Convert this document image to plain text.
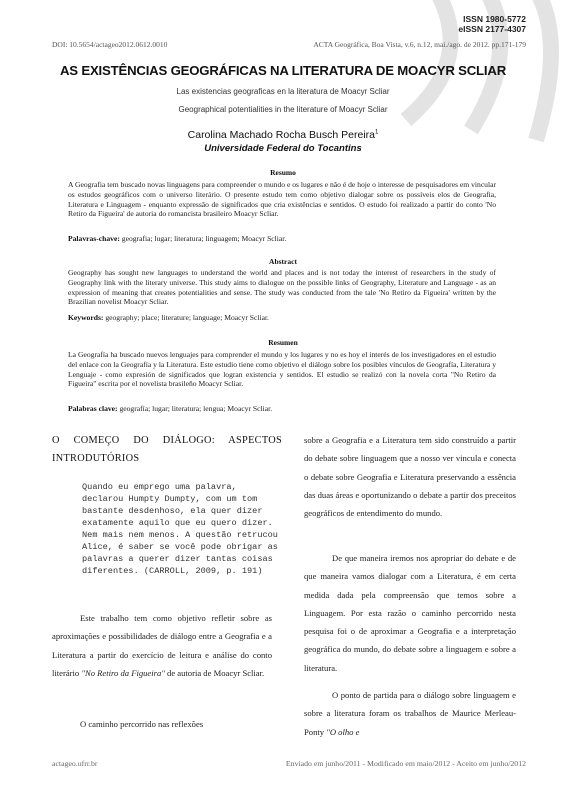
ISSN 1980-5772
eISSN 2177-4307
DOI: 10.5654/actageo2012.0612.0010	ACTA Geográfica, Boa Vista, v.6, n.12, mai./ago. de 2012. pp.171-179
AS EXISTÊNCIAS GEOGRÁFICAS NA LITERATURA DE MOACYR SCLIAR
Las existencias geograficas en la literatura de Moacyr Scliar
Geographical potentialities in the literature of Moacyr Scliar
Carolina Machado Rocha Busch Pereira$^1$
Universidade Federal do Tocantins
Resumo

A Geografia tem buscado novas linguagens para compreender o mundo e os lugares e não é de hoje o interesse de pesquisadores em vincular os estudos geográficos com o universo literário. O presente estudo tem como objetivo dialogar sobre os possíveis elos de Geografia, Literatura e Linguagem - enquanto expressão de significados que cria existências e sentidos. O estudo foi realizado a partir do conto 'No Retiro da Figueira' de autoria do romancista brasileiro Moacyr Scliar.

Palavras-chave: geografia; lugar; literatura; linguagem; Moacyr Scliar.
Abstract

Geography has sought new languages to understand the world and places and is not today the interest of researchers in the study of Geography link with the literary universe. This study aims to dialogue on the possible links of Geography, Literature and Language - as an expression of meaning that creates potentialities and sense. The study was conducted from the tale 'No Retiro da Figueira' written by the Brazilian novelist Moacyr Scliar.

Keywords: geography; place; literature; language; Moacyr Scliar.
Resumen

La Geografía ha buscado nuevos lenguajes para comprender el mundo y los lugares y no es hoy el interés de los investigadores en el estudio del enlace con la Geografía y la Literatura. Este estudio tiene como objetivo el diálogo sobre los posibles vínculos de Geografía, Literatura y Lenguaje - como expresión de significados que logran existencia y sentidos. El estudio se realizó con la novela corta "No Retiro da Figueira" escrita por el novelista brasileño Moacyr Scliar.

Palabras clave: geografía; lugar; literatura; lengua; Moacyr Scliar.
O COMEÇO DO DIÁLOGO: ASPECTOS INTRODUTÓRIOS

Quando eu emprego uma palavra, declarou Humpty Dumpty, com um tom bastante desdenhoso, ela quer dizer exatamente aquilo que eu quero dizer. Nem mais nem menos. A questão retrucou Alice, é saber se você pode obrigar as palavras a querer dizer tantas coisas diferentes. (CARROLL, 2009, p. 191)

Este trabalho tem como objetivo refletir sobre as aproximações e possibilidades de diálogo entre a Geografia e a Literatura a partir do exercício de leitura e análise do conto literário "No Retiro da Figueira" de autoria de Moacyr Scliar.

O caminho percorrido nas reflexões

sobre a Geografia e a Literatura tem sido construído a partir do debate sobre linguagem que a nosso ver vincula e conecta o debate sobre Geografia e Literatura preservando a essência das duas áreas e oportunizando o debate a partir dos preceitos geográficos de entendimento do mundo.

De que maneira iremos nos apropriar do debate e de que maneira vamos dialogar com a Literatura, é em certa medida dada pela compreensão que temos sobre a Linguagem. Por esta razão o caminho percorrido nesta pesquisa foi o de aproximar a Geografia e a interpretação geográfica do mundo, do debate sobre a linguagem e sobre a literatura.

O ponto de partida para o diálogo sobre linguagem e sobre a literatura foram os trabalhos de Maurice Merleau-Ponty "O olho e

actageo.ufrr.br	Enviado em junho/2011 - Modificado em maio/2012 - Aceito em junho/2012
